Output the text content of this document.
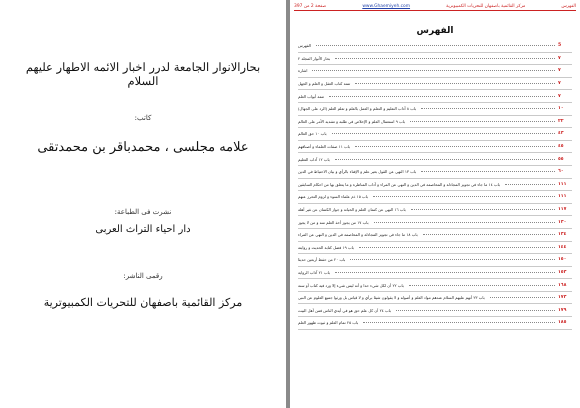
بحارالانوار الجامعة لدرر اخبار الائمه الاطهار علیهم السلام
کاتب:
علامه مجلسی ، محمدباقر بن محمدتقی
نشرت فی الطباعة:
دار احیاء التراث العربی
رقمی الناشر:
مرکز القائمیة باصفهان للتحریات الکمبیوتریة
الفهرس
مركز القائمية باصفهان للتحريات الكمبيوترية
www.Ghaemiyeh.com
صفحة 2 من 397
الفهرس
الفهرس	5
بحار الأنوار المجلد ٢	٧
اشارة	٧
تتمة كتاب العقل و العلم و الجهل	٧
تتمة أبواب العلم	٧
باب ٨ آداب التعليم و التعلم و العمل بالعلم و تعلم العلم (الرد على الجهال)	١٠
باب ٩ استعمال العلم و الإخلاص في طلبه و تشديد الأمر على العالم	٢٢
باب ١٠ حق العالم	٤٣
باب ١١ صفات العلماء و أصنافهم	٤٥
باب ١٢ آداب التعليم	٥٥
باب ١٣ النهي عن القول بغير علم و الإفتاء بالرأي و بيان الاحتياط في الدين	٦٠
باب ١٤ ما جاء في تجويز المجادلة و المخاصمة في الدين و النهي عن المراء و آداب المناظرة و ما يتعلق بها من احكام السابقين	١١١
باب ١٥ ذم علماء السوء و لزوم التحرز عنهم	١١١
باب ١٦ النهي عن كتمان العلم و الخيانة و جواز الكتمان عن غير أهله	١١٧
باب ١٧ من يجوز أخذ العلم منه و من لا يجوز	١٣٠
باب ١٨ ما جاء في تجويز المجادلة و المخاصمة في الدين و النهي عن المراء	١٣٤
باب ١٩ فضل كتابة الحديث و روايته	١٤٤
باب ٢٠ من حفظ أربعين حديثا	١٥٠
باب ٢١ آداب الرواية	١٥٣
باب ٢٢ أن لكل شيء حدا و أنه ليس شيء إلا ورد فيه كتاب أو سنة	١٦٨
باب ٢٣ أنهم عليهم السلام عندهم مواد العلم و أصوله و لا يقولون شيئا برأي و لا قياس بل ورثوا جميع العلوم عن النبي	١٧٣
باب ٢٤ أن كل علم حق هو في أيدي الناس فمن أهل البيت	١٧٩
باب ٢٥ تمام العلم و ثبوت ظهور العلم	١٨٥
